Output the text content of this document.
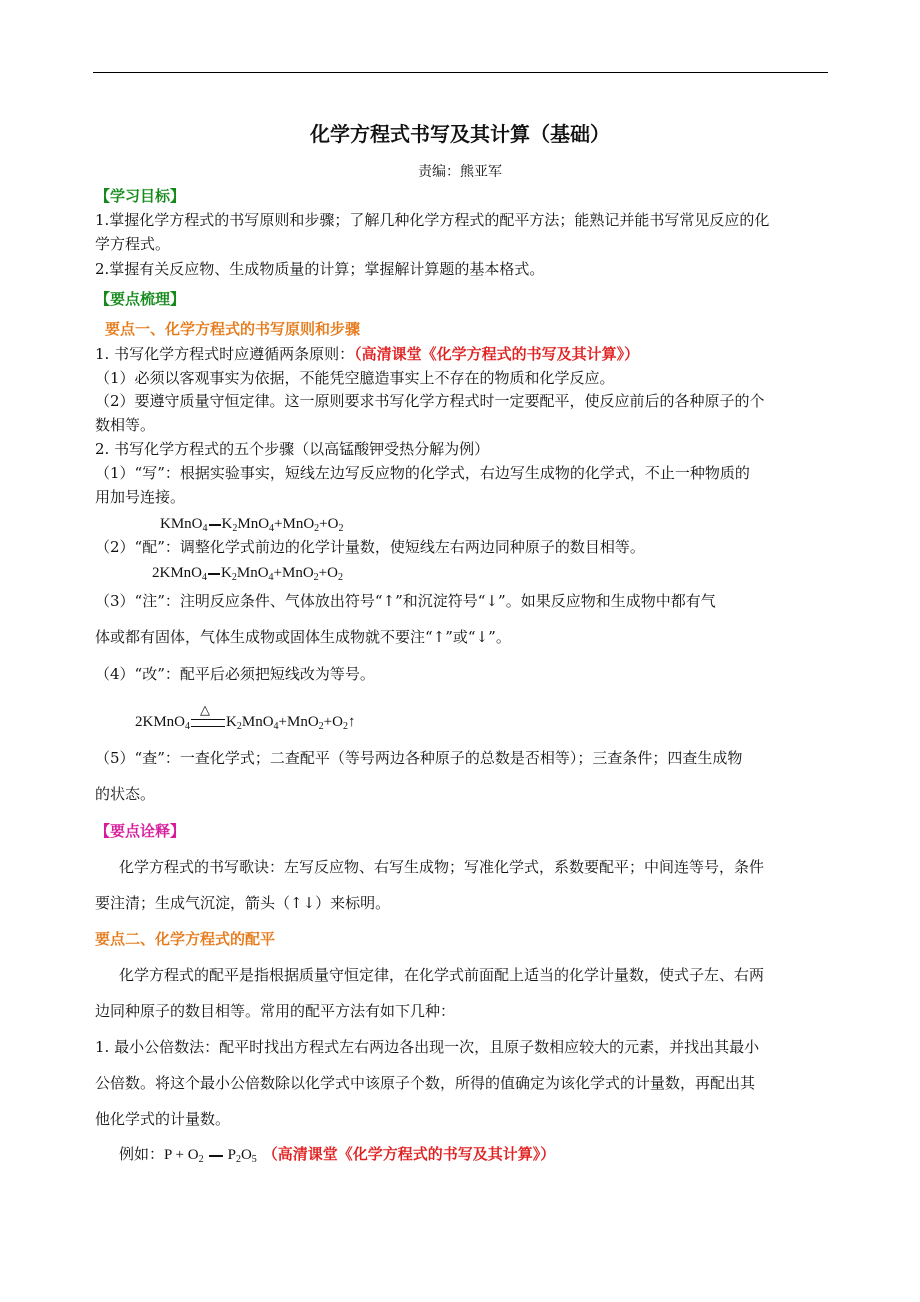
化学方程式书写及其计算（基础）
责编：熊亚军
【学习目标】
1.掌握化学方程式的书写原则和步骤；了解几种化学方程式的配平方法；能熟记并能书写常见反应的化
学方程式。
2.掌握有关反应物、生成物质量的计算；掌握解计算题的基本格式。
【要点梳理】
要点一、化学方程式的书写原则和步骤
1. 书写化学方程式时应遵循两条原则：（高清课堂《化学方程式的书写及其计算》）
（1）必须以客观事实为依据，不能凭空臆造事实上不存在的物质和化学反应。
（2）要遵守质量守恒定律。这一原则要求书写化学方程式时一定要配平，使反应前后的各种原子的个
数相等。
2. 书写化学方程式的五个步骤（以高锰酸钾受热分解为例）
（1）“写”：根据实验事实，短线左边写反应物的化学式，右边写生成物的化学式，不止一种物质的
用加号连接。
KMnO$_4$ $K_2MnO_4+MnO_2+O_2$
（2）“配”：调整化学式前边的化学计量数，使短线左右两边同种原子的数目相等。
2KMnO$_4$ $K_2MnO_4+MnO_2+O_2$
（3）“注”：注明反应条件、气体放出符号“↑”和沉淀符号“↓”。如果反应物和生成物中都有气
体或都有固体，气体生成物或固体生成物就不要注“↑”或“↓”。
（4）“改”：配平后必须把短线改为等号。
2KMnO$_4$
△
$K_2MnO_4+MnO_2+O_2↑$
（5）“查”：一查化学式；二查配平（等号两边各种原子的总数是否相等）；三查条件；四查生成物
的状态。
【要点诠释】
化学方程式的书写歌诀：左写反应物、右写生成物；写准化学式，系数要配平；中间连等号，条件
要注清；生成气沉淀，箭头（↑↓）来标明。
要点二、化学方程式的配平
化学方程式的配平是指根据质量守恒定律，在化学式前面配上适当的化学计量数，使式子左、右两
边同种原子的数目相等。常用的配平方法有如下几种：
1. 最小公倍数法：配平时找出方程式左右两边各出现一次，且原子数相应较大的元素，并找出其最小
公倍数。将这个最小公倍数除以化学式中该原子个数，所得的值确定为该化学式的计量数，再配出其
他化学式的计量数。
例如：$P + O_2$ $P_2O_5$ （高清课堂《化学方程式的书写及其计算》）
